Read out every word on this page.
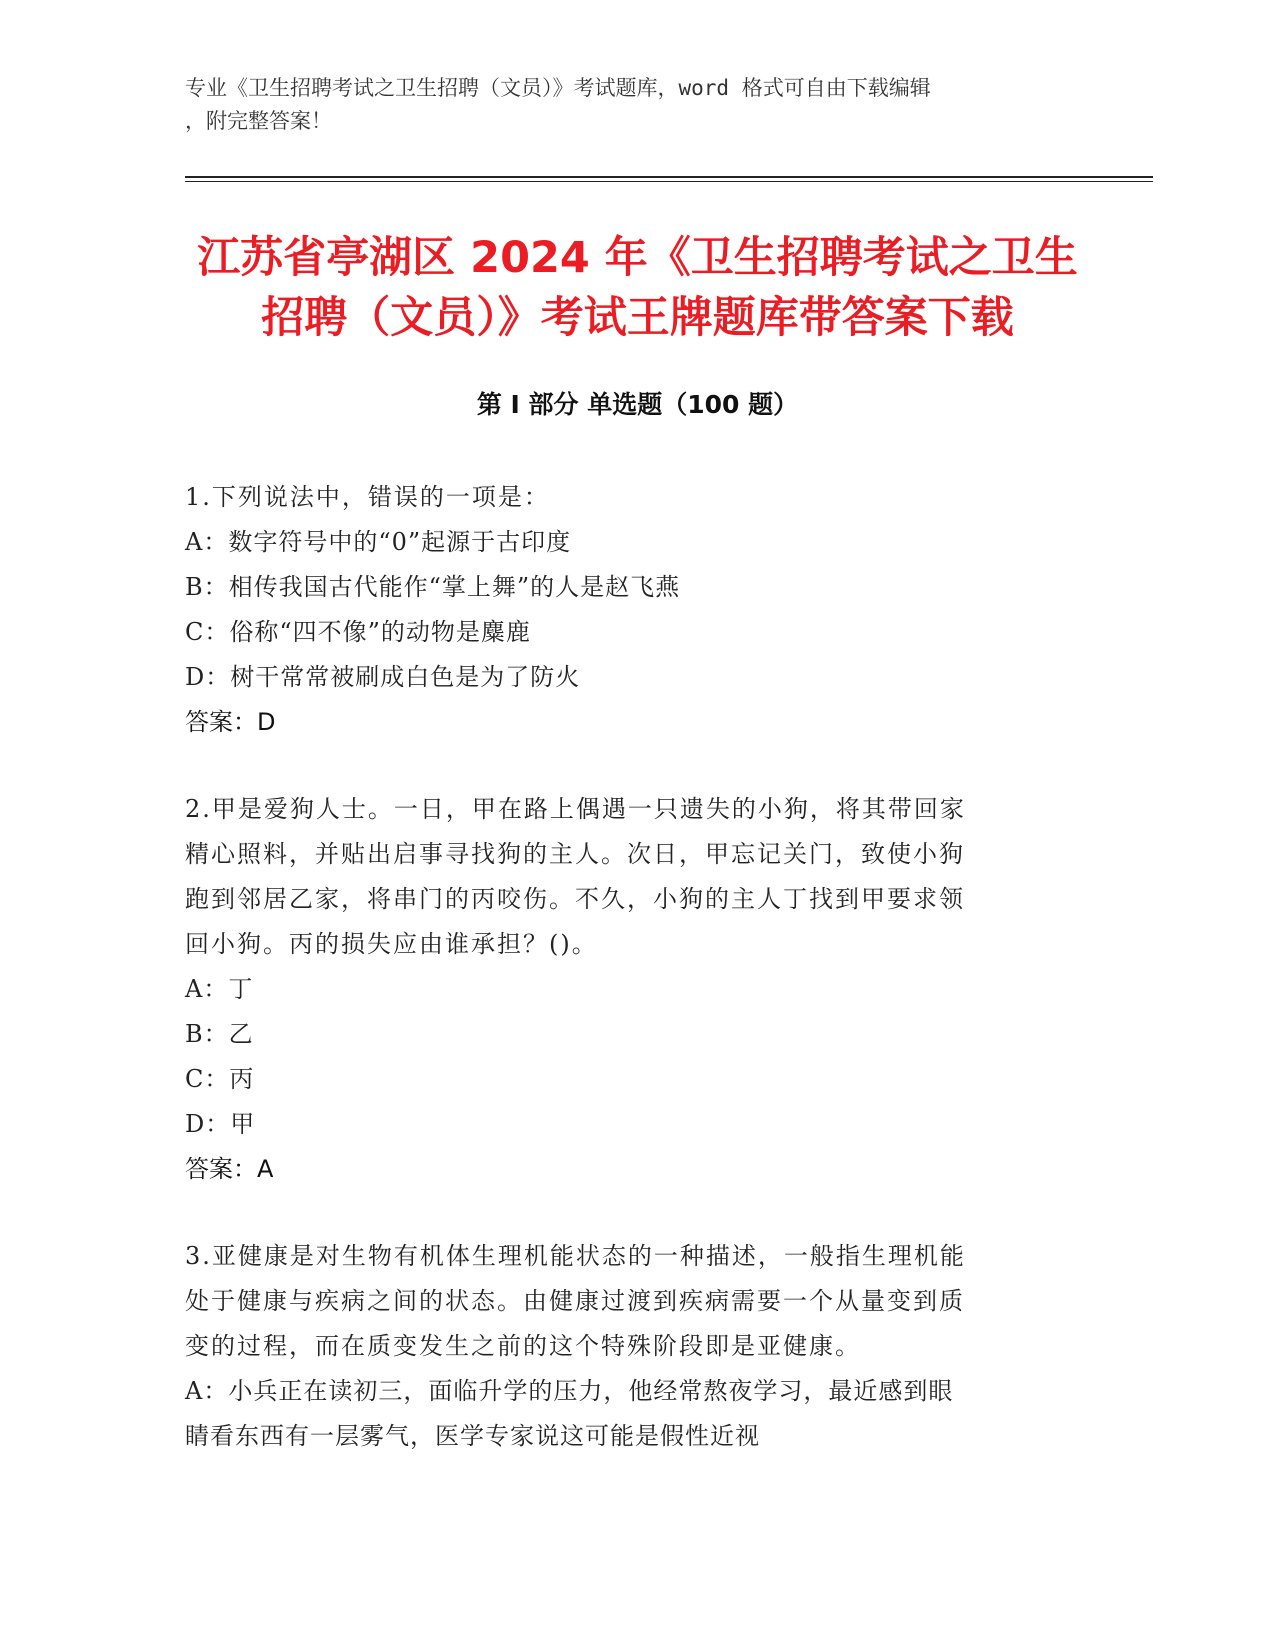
专业《卫生招聘考试之卫生招聘（文员）》考试题库，word 格式可自由下载编辑
，附完整答案！
江苏省亭湖区 2024 年《卫生招聘考试之卫生
招聘（文员）》考试王牌题库带答案下载
第 I 部分 单选题（100 题）
1.下列说法中，错误的一项是：
A：数字符号中的“0”起源于古印度
B：相传我国古代能作“掌上舞”的人是赵飞燕
C：俗称“四不像”的动物是麋鹿
D：树干常常被刷成白色是为了防火
答案：D
2.甲是爱狗人士。一日，甲在路上偶遇一只遗失的小狗，将其带回家
精心照料，并贴出启事寻找狗的主人。次日，甲忘记关门，致使小狗
跑到邻居乙家，将串门的丙咬伤。不久，小狗的主人丁找到甲要求领
回小狗。丙的损失应由谁承担？()。
A：丁
B：乙
C：丙
D：甲
答案：A
3.亚健康是对生物有机体生理机能状态的一种描述，一般指生理机能
处于健康与疾病之间的状态。由健康过渡到疾病需要一个从量变到质
变的过程，而在质变发生之前的这个特殊阶段即是亚健康。
A：小兵正在读初三，面临升学的压力，他经常熬夜学习，最近感到眼
睛看东西有一层雾气，医学专家说这可能是假性近视
